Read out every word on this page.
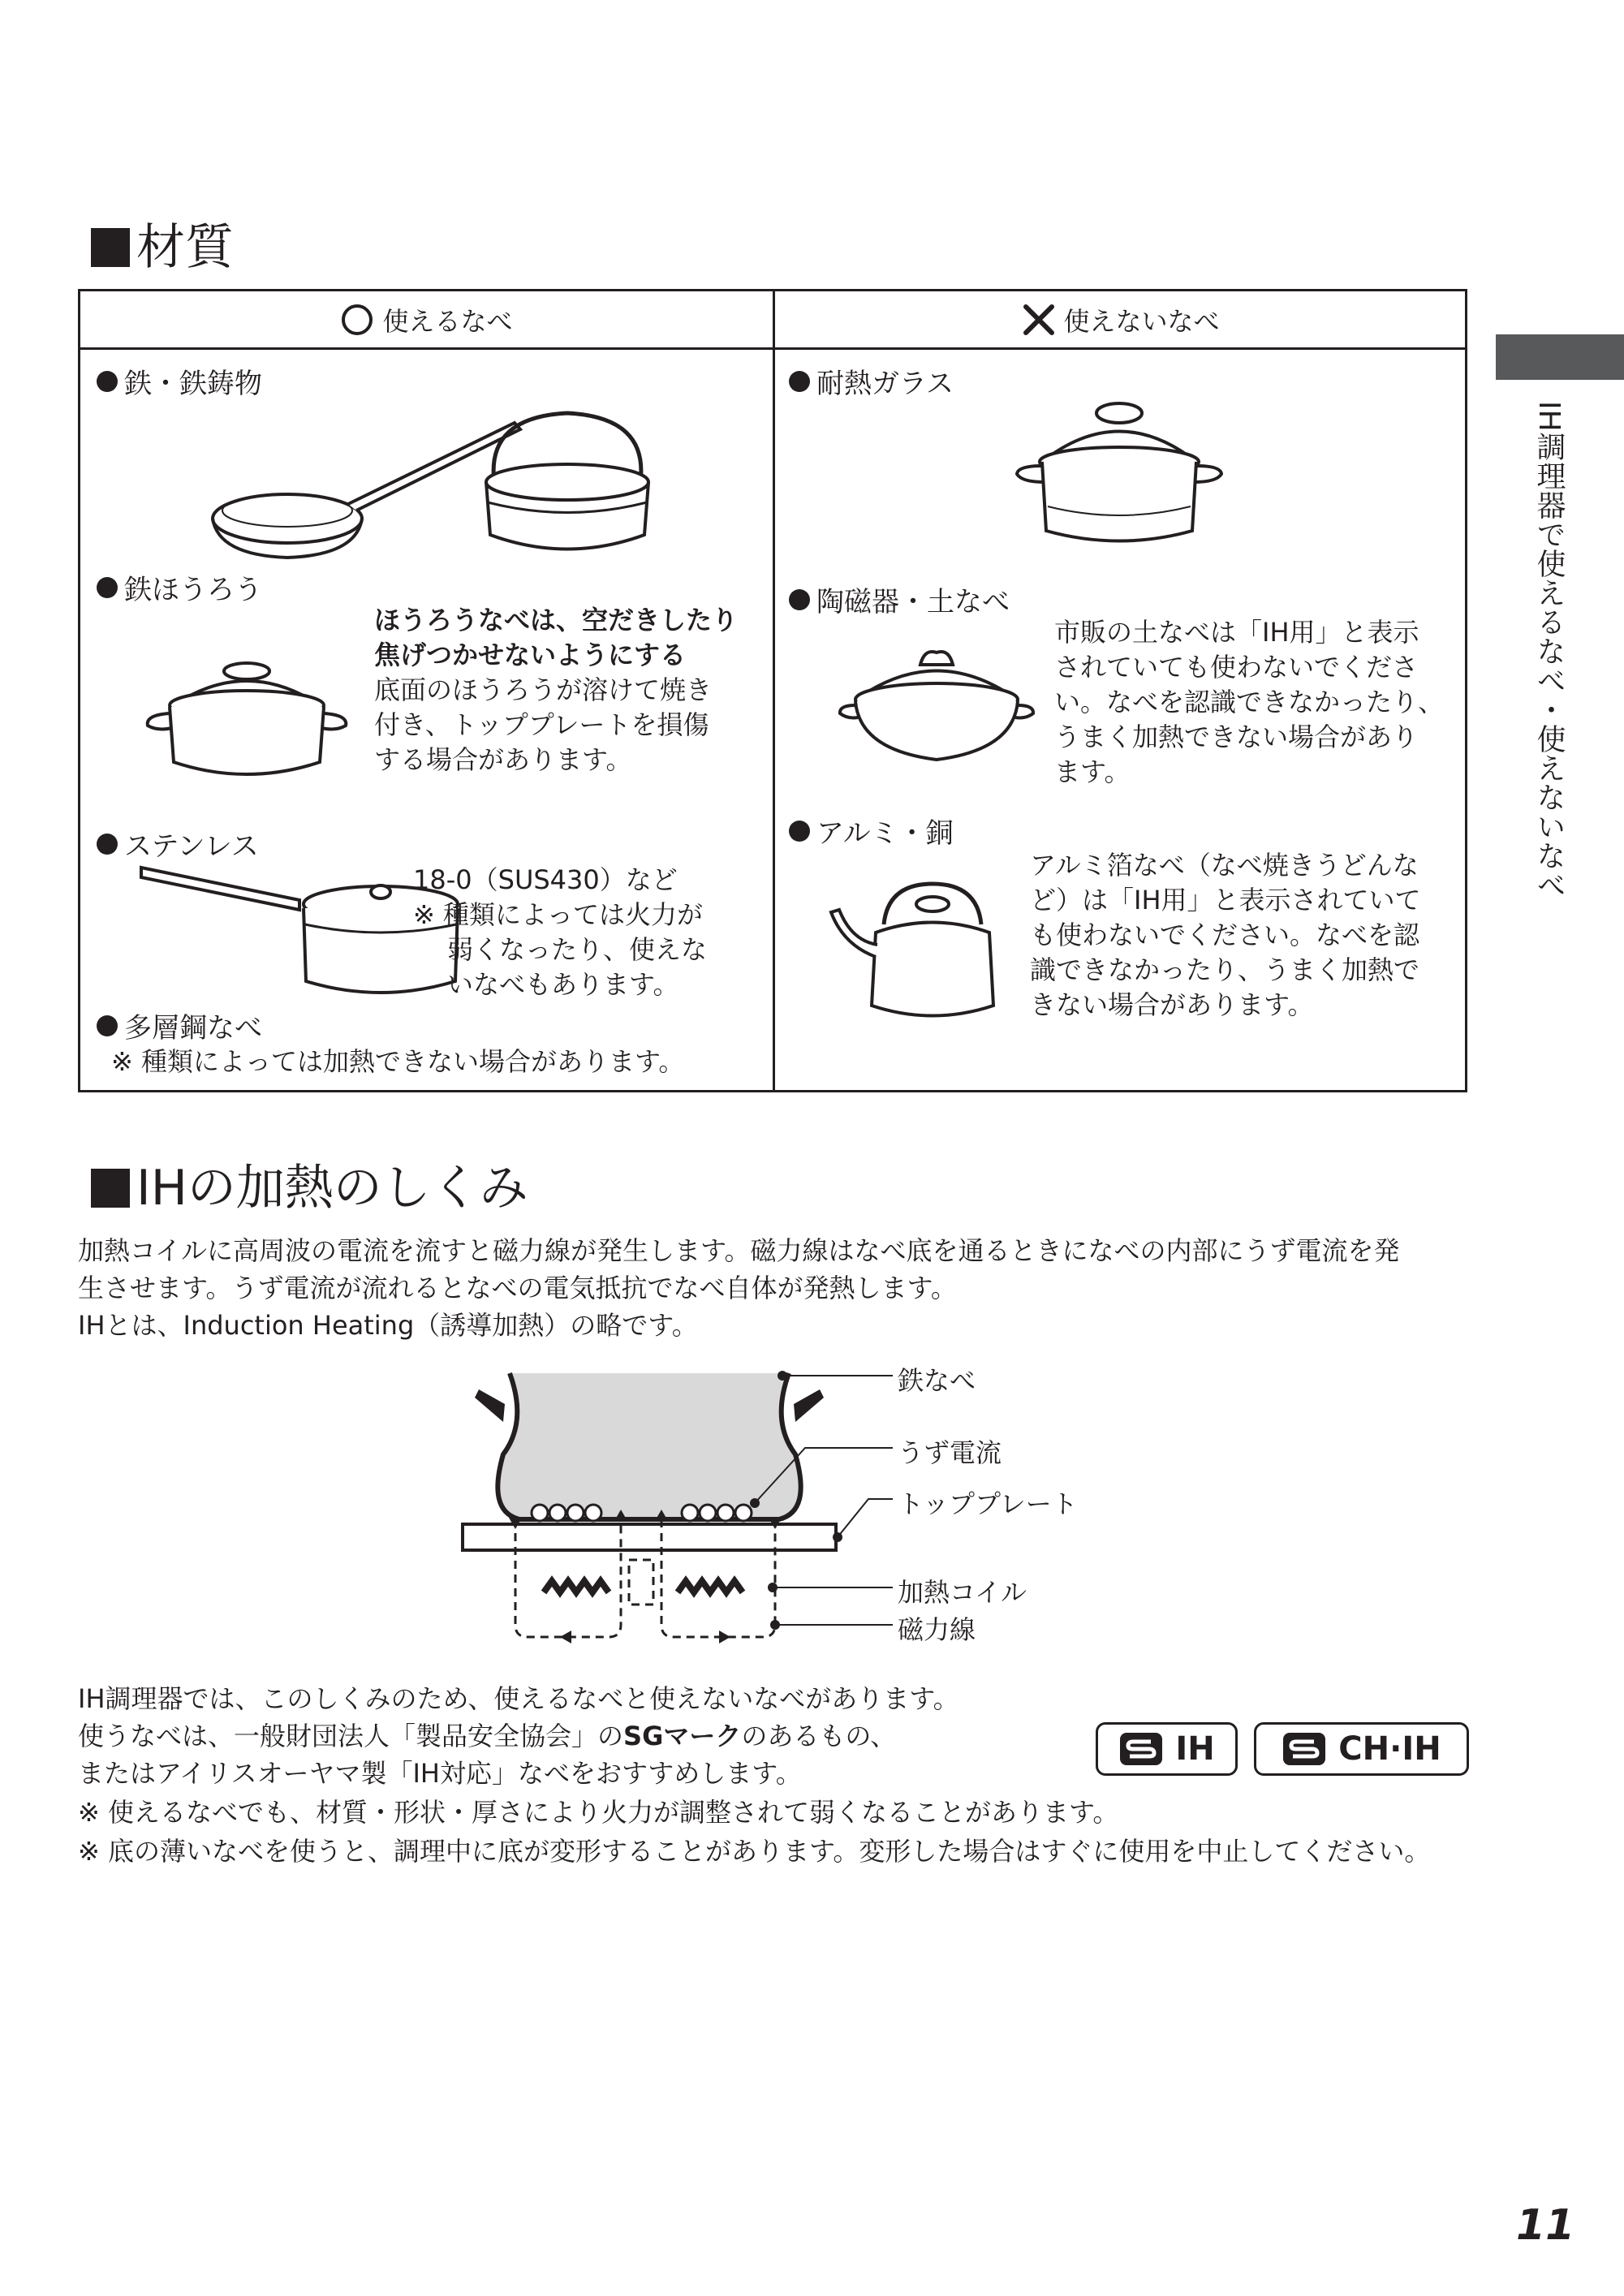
IH調理器で使えるなべ・使えないなべ
材質
使えるなべ	使えないなべ
鉄・鉄鋳物
鉄ほうろう
ほうろうなべは、空だきしたり
焦げつかせないようにする
底面のほうろうが溶けて焼き
付き、トッププレートを損傷
する場合があります。
ステンレス
18-0（SUS430）など
※ 種類によっては火力が
弱くなったり、使えな
いなべもあります。
多層鋼なべ
※ 種類によっては加熱できない場合があります。
耐熱ガラス
陶磁器・土なべ
市販の土なべは「IH用」と表示
されていても使わないでくださ
い。なべを認識できなかったり、
うまく加熱できない場合があり
ます。
アルミ・銅
アルミ箔なべ（なべ焼きうどんな
ど）は「IH用」と表示されていて
も使わないでください。なべを認
識できなかったり、うまく加熱で
きない場合があります。
IHの加熱のしくみ
加熱コイルに高周波の電流を流すと磁力線が発生します。磁力線はなべ底を通るときになべの内部にうず電流を発
生させます。うず電流が流れるとなべの電気抵抗でなべ自体が発熱します。
IHとは、Induction Heating（誘導加熱）の略です。
鉄なべ
うず電流
トッププレート
加熱コイル
磁力線
IH調理器では、このしくみのため、使えるなべと使えないなべがあります。
使うなべは、一般財団法人「製品安全協会」のSGマークのあるもの、
またはアイリスオーヤマ製「IH対応」なべをおすすめします。
※ 使えるなべでも、材質・形状・厚さにより火力が調整されて弱くなることがあります。
※ 底の薄いなべを使うと、調理中に底が変形することがあります。変形した場合はすぐに使用を中止してください。
IH	CH·IH
11
